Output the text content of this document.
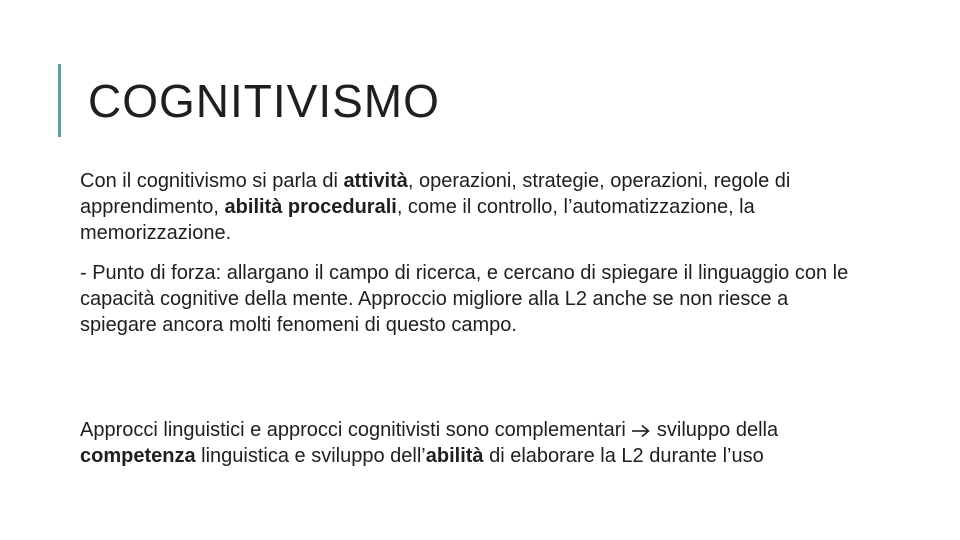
COGNITIVISMO

Con il cognitivismo si parla di attività, operazioni, strategie, operazioni, regole di apprendimento, abilità procedurali, come il controllo, l’automatizzazione, la memorizzazione.

- Punto di forza: allargano il campo di ricerca, e cercano di spiegare il linguaggio con le capacità cognitive della mente. Approccio migliore alla L2 anche se non riesce a spiegare ancora molti fenomeni di questo campo.

Approcci linguistici e approcci cognitivisti sono complementari  sviluppo della competenza linguistica e sviluppo dell’abilità di elaborare la L2 durante l’uso
